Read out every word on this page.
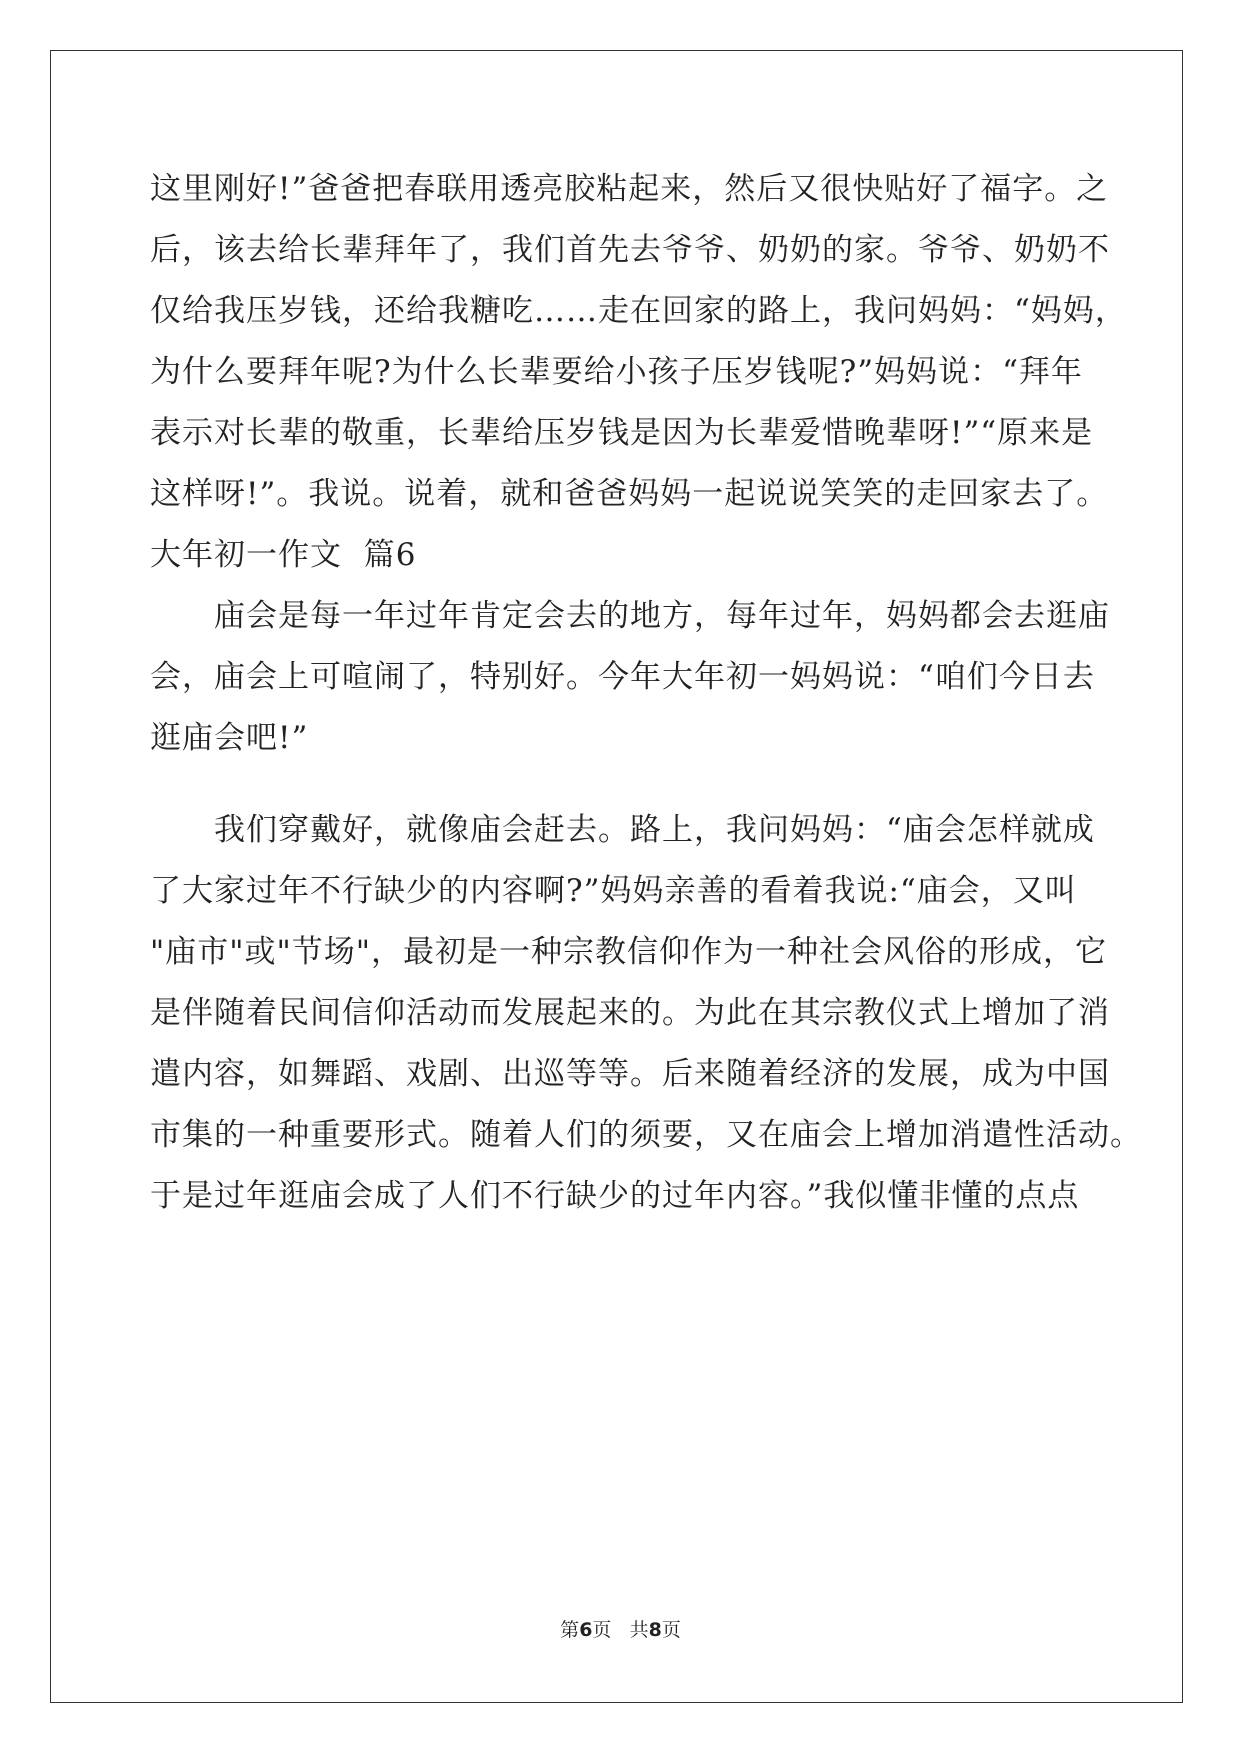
这里刚好!”爸爸把春联用透亮胶粘起来，然后又很快贴好了福字。之
后，该去给长辈拜年了，我们首先去爷爷、奶奶的家。爷爷、奶奶不
仅给我压岁钱，还给我糖吃……走在回家的路上，我问妈妈：“妈妈，
为什么要拜年呢?为什么长辈要给小孩子压岁钱呢?”妈妈说：“拜年
表示对长辈的敬重，长辈给压岁钱是因为长辈爱惜晚辈呀!”“原来是
这样呀!”。我说。说着，就和爸爸妈妈一起说说笑笑的走回家去了。
大年初一作文  篇6
庙会是每一年过年肯定会去的地方，每年过年，妈妈都会去逛庙
会，庙会上可喧闹了，特别好。今年大年初一妈妈说：“咱们今日去
逛庙会吧!”
我们穿戴好，就像庙会赶去。路上，我问妈妈：“庙会怎样就成
了大家过年不行缺少的内容啊?”妈妈亲善的看着我说:“庙会，又叫
"庙市"或"节场"，最初是一种宗教信仰作为一种社会风俗的形成，它
是伴随着民间信仰活动而发展起来的。为此在其宗教仪式上增加了消
遣内容，如舞蹈、戏剧、出巡等等。后来随着经济的发展，成为中国
市集的一种重要形式。随着人们的须要，又在庙会上增加消遣性活动。
于是过年逛庙会成了人们不行缺少的过年内容。”我似懂非懂的点点
第6页 共8页
